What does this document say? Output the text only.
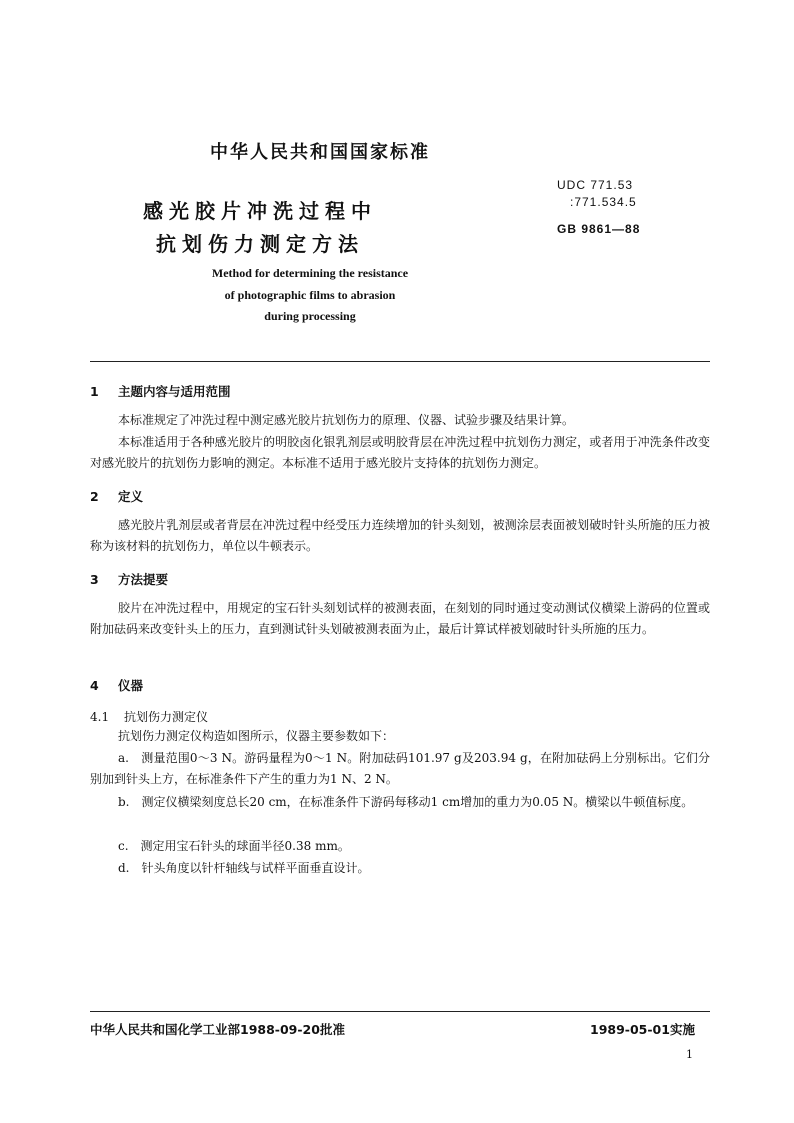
中华人民共和国国家标准
感光胶片冲洗过程中
抗划伤力测定方法
Method for determining the resistance
of photographic films to abrasion
during processing
UDC 771.53
:771.534.5
GB 9861—88
1 主题内容与适用范围

本标准规定了冲洗过程中测定感光胶片抗划伤力的原理、仪器、试验步骤及结果计算。

本标准适用于各种感光胶片的明胶卤化银乳剂层或明胶背层在冲洗过程中抗划伤力测定，或者用于冲洗条件改变对感光胶片的抗划伤力影响的测定。本标准不适用于感光胶片支持体的抗划伤力测定。

2 定义

感光胶片乳剂层或者背层在冲洗过程中经受压力连续增加的针头刻划，被测涂层表面被划破时针头所施的压力被称为该材料的抗划伤力，单位以牛顿表示。

3 方法提要

胶片在冲洗过程中，用规定的宝石针头刻划试样的被测表面，在刻划的同时通过变动测试仪横梁上游码的位置或附加砝码来改变针头上的压力，直到测试针头划破被测表面为止，最后计算试样被划破时针头所施的压力。

4 仪器
4.1 抗划伤力测定仪

抗划伤力测定仪构造如图所示，仪器主要参数如下：

a.　测量范围0～3 N。游码量程为0～1 N。附加砝码101.97 g及203.94 g，在附加砝码上分别标出。它们分别加到针头上方，在标准条件下产生的重力为1 N、2 N。

b.　测定仪横梁刻度总长20 cm，在标准条件下游码每移动1 cm增加的重力为0.05 N。横梁以牛顿值标度。

c.　测定用宝石针头的球面半径0.38 mm。

d.　针头角度以针杆轴线与试样平面垂直设计。

中华人民共和国化学工业部1988-09-20批准	1989-05-01实施
1
